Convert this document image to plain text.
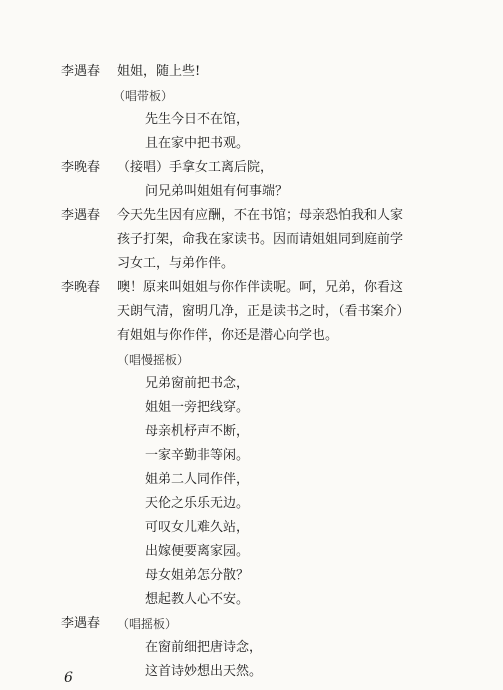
李遇春 姐姐，随上些!
（唱带板）
先生今日不在馆，
且在家中把书观。
李晚春 （接唱）手拿女工离后院，
问兄弟叫姐姐有何事端？
李遇春 今天先生因有应酬，不在书馆；母亲恐怕我和人家
孩子打架，命我在家读书。因而请姐姐同到庭前学
习女工，与弟作伴。
李晚春 噢！原来叫姐姐与你作伴读呢。呵，兄弟，你看这
天朗气清，窗明几净，正是读书之时，（看书案介）
有姐姐与你作伴，你还是潜心向学也。
（唱慢摇板）
兄弟窗前把书念，
姐姐一旁把线穿。
母亲机杼声不断，
一家辛勤非等闲。
姐弟二人同作伴，
天伦之乐乐无边。
可叹女儿难久站，
出嫁便要离家园。
母女姐弟怎分散？
想起教人心不安。
李遇春 （唱摇板）
在窗前细把唐诗念，
这首诗妙想出天然。
6
